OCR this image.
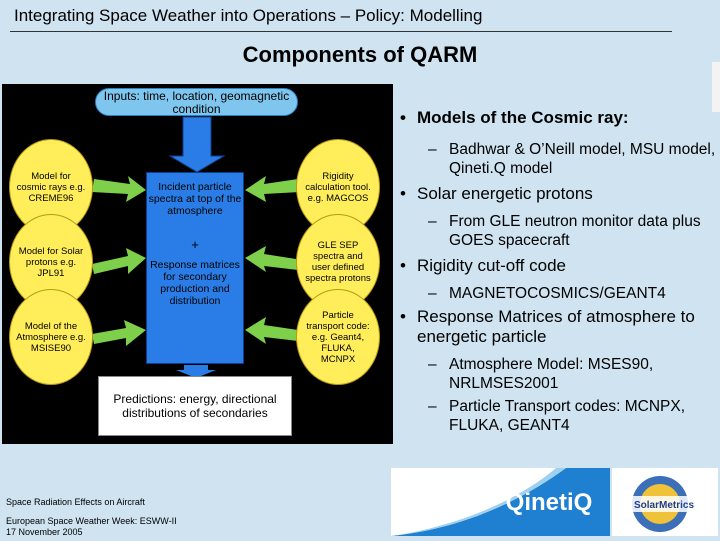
Integrating Space Weather into Operations – Policy: Modelling
Components of QARM
Inputs: time, location, geomagnetic condition
Model for cosmic rays e.g. CREME96
Model for Solar protons e.g. JPL91
Model of the Atmosphere e.g. MSISE90
Rigidity calculation tool. e.g. MAGCOS
GLE SEP spectra and user defined spectra protons
Particle transport code: e.g. Geant4, FLUKA, MCNPX
Incident particle spectra at top of the atmosphere
+
Response matrices for secondary production and distribution
Predictions: energy, directional distributions of secondaries
• Models of the Cosmic ray:
– Badhwar & O’Neill model, MSU model, Qineti.Q model
• Solar energetic protons
– From GLE neutron monitor data plus GOES spacecraft
• Rigidity cut-off code
– MAGNETOCOSMICS/GEANT4
• Response Matrices of atmosphere to energetic particle
– Atmosphere Model: MSES90, NRLMSES2001
– Particle Transport codes: MCNPX, FLUKA, GEANT4
Space Radiation Effects on Aircraft
European Space Weather Week: ESWW-II
17 November 2005
QinetiQ	SolarMetrics
